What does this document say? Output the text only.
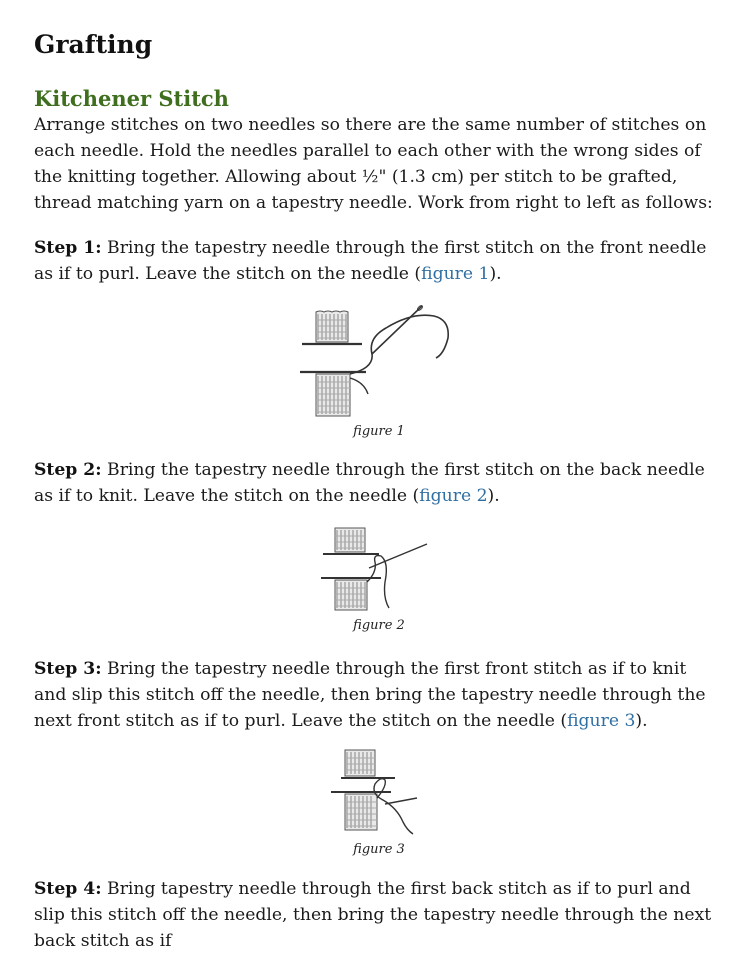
Grafting
Kitchener Stitch

Arrange stitches on two needles so there are the same number of stitches on each needle. Hold the needles parallel to each other with the wrong sides of the knitting together. Allowing about ½" (1.3 cm) per stitch to be grafted, thread matching yarn on a tapestry needle. Work from right to left as follows:

Step 1: Bring the tapestry needle through the first stitch on the front needle as if to purl. Leave the stitch on the needle (figure 1).

figure 1

Step 2: Bring the tapestry needle through the first stitch on the back needle as if to knit. Leave the stitch on the needle (figure 2).

figure 2

Step 3: Bring the tapestry needle through the first front stitch as if to knit and slip this stitch off the needle, then bring the tapestry needle through the next front stitch as if to purl. Leave the stitch on the needle (figure 3).

figure 3

Step 4: Bring tapestry needle through the first back stitch as if to purl and slip this stitch off the needle, then bring the tapestry needle through the next back stitch as if
